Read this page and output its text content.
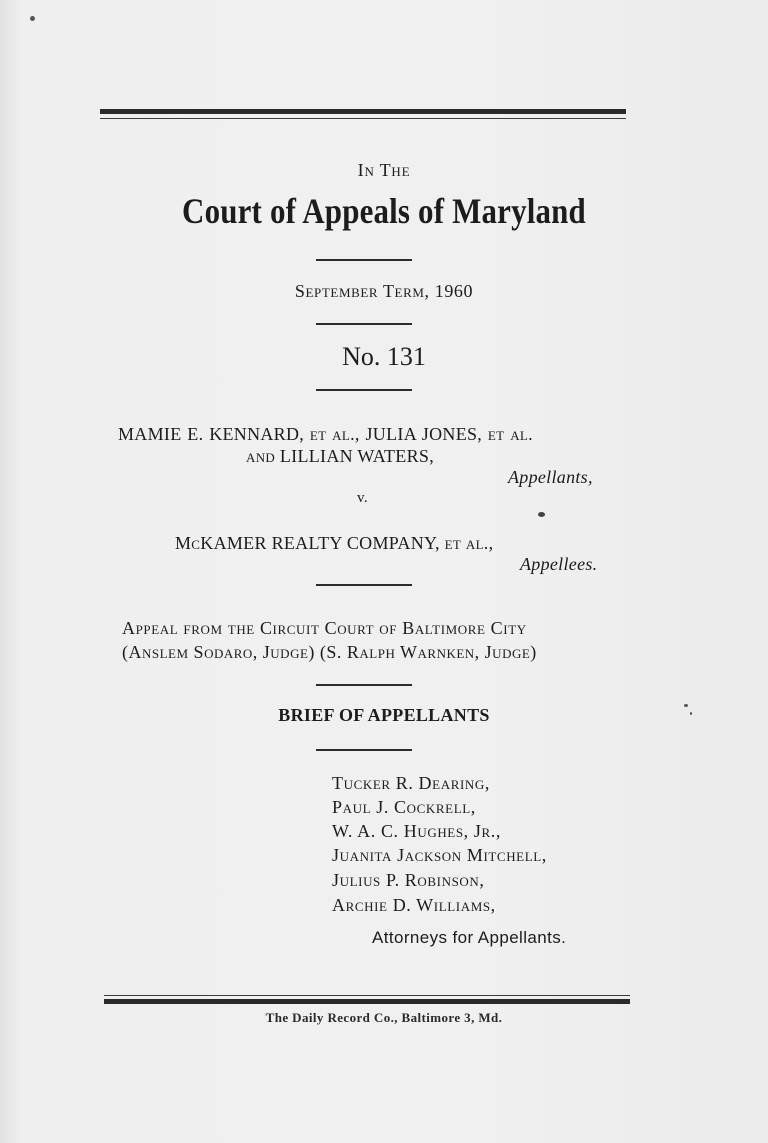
In The
Court of Appeals of Maryland
September Term, 1960
No. 131
MAMIE E. KENNARD, et al., JULIA JONES, et al.
and LILLIAN WATERS,
Appellants,
v.
McKAMER REALTY COMPANY, et al.,
Appellees.
Appeal from the Circuit Court of Baltimore City
(Anslem Sodaro, Judge) (S. Ralph Warnken, Judge)
BRIEF OF APPELLANTS
Tucker R. Dearing,
Paul J. Cockrell,
W. A. C. Hughes, Jr.,
Juanita Jackson Mitchell,
Julius P. Robinson,
Archie D. Williams,
Attorneys for Appellants.
The Daily Record Co., Baltimore 3, Md.
